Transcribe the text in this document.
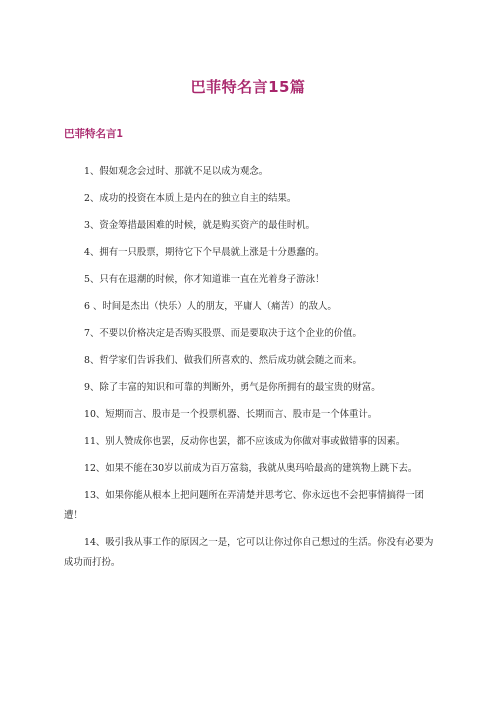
巴菲特名言15篇
巴菲特名言1
1、假如观念会过时、那就不足以成为观念。
2、成功的投资在本质上是内在的独立自主的结果。
3、资金筹措最困难的时候，就是购买资产的最佳时机。
4、拥有一只股票，期待它下个早晨就上涨是十分愚蠢的。
5、只有在退潮的时候，你才知道谁一直在光着身子游泳！
6 、时间是杰出（快乐）人的朋友，平庸人（痛苦）的敌人。
7、不要以价格决定是否购买股票、而是要取决于这个企业的价值。
8、哲学家们告诉我们、做我们所喜欢的、然后成功就会随之而来。
9、除了丰富的知识和可靠的判断外，勇气是你所拥有的最宝贵的财富。
10、短期而言、股市是一个投票机器、长期而言、股市是一个体重计。
11、别人赞成你也罢，反动你也罢，都不应该成为你做对事或做错事的因素。
12、如果不能在30岁以前成为百万富翁，我就从奥玛哈最高的建筑物上跳下去。
13、如果你能从根本上把问题所在弄清楚并思考它、你永远也不会把事情搞得一团遭！
14、吸引我从事工作的原因之一是，它可以让你过你自己想过的生活。你没有必要为成功而打扮。
